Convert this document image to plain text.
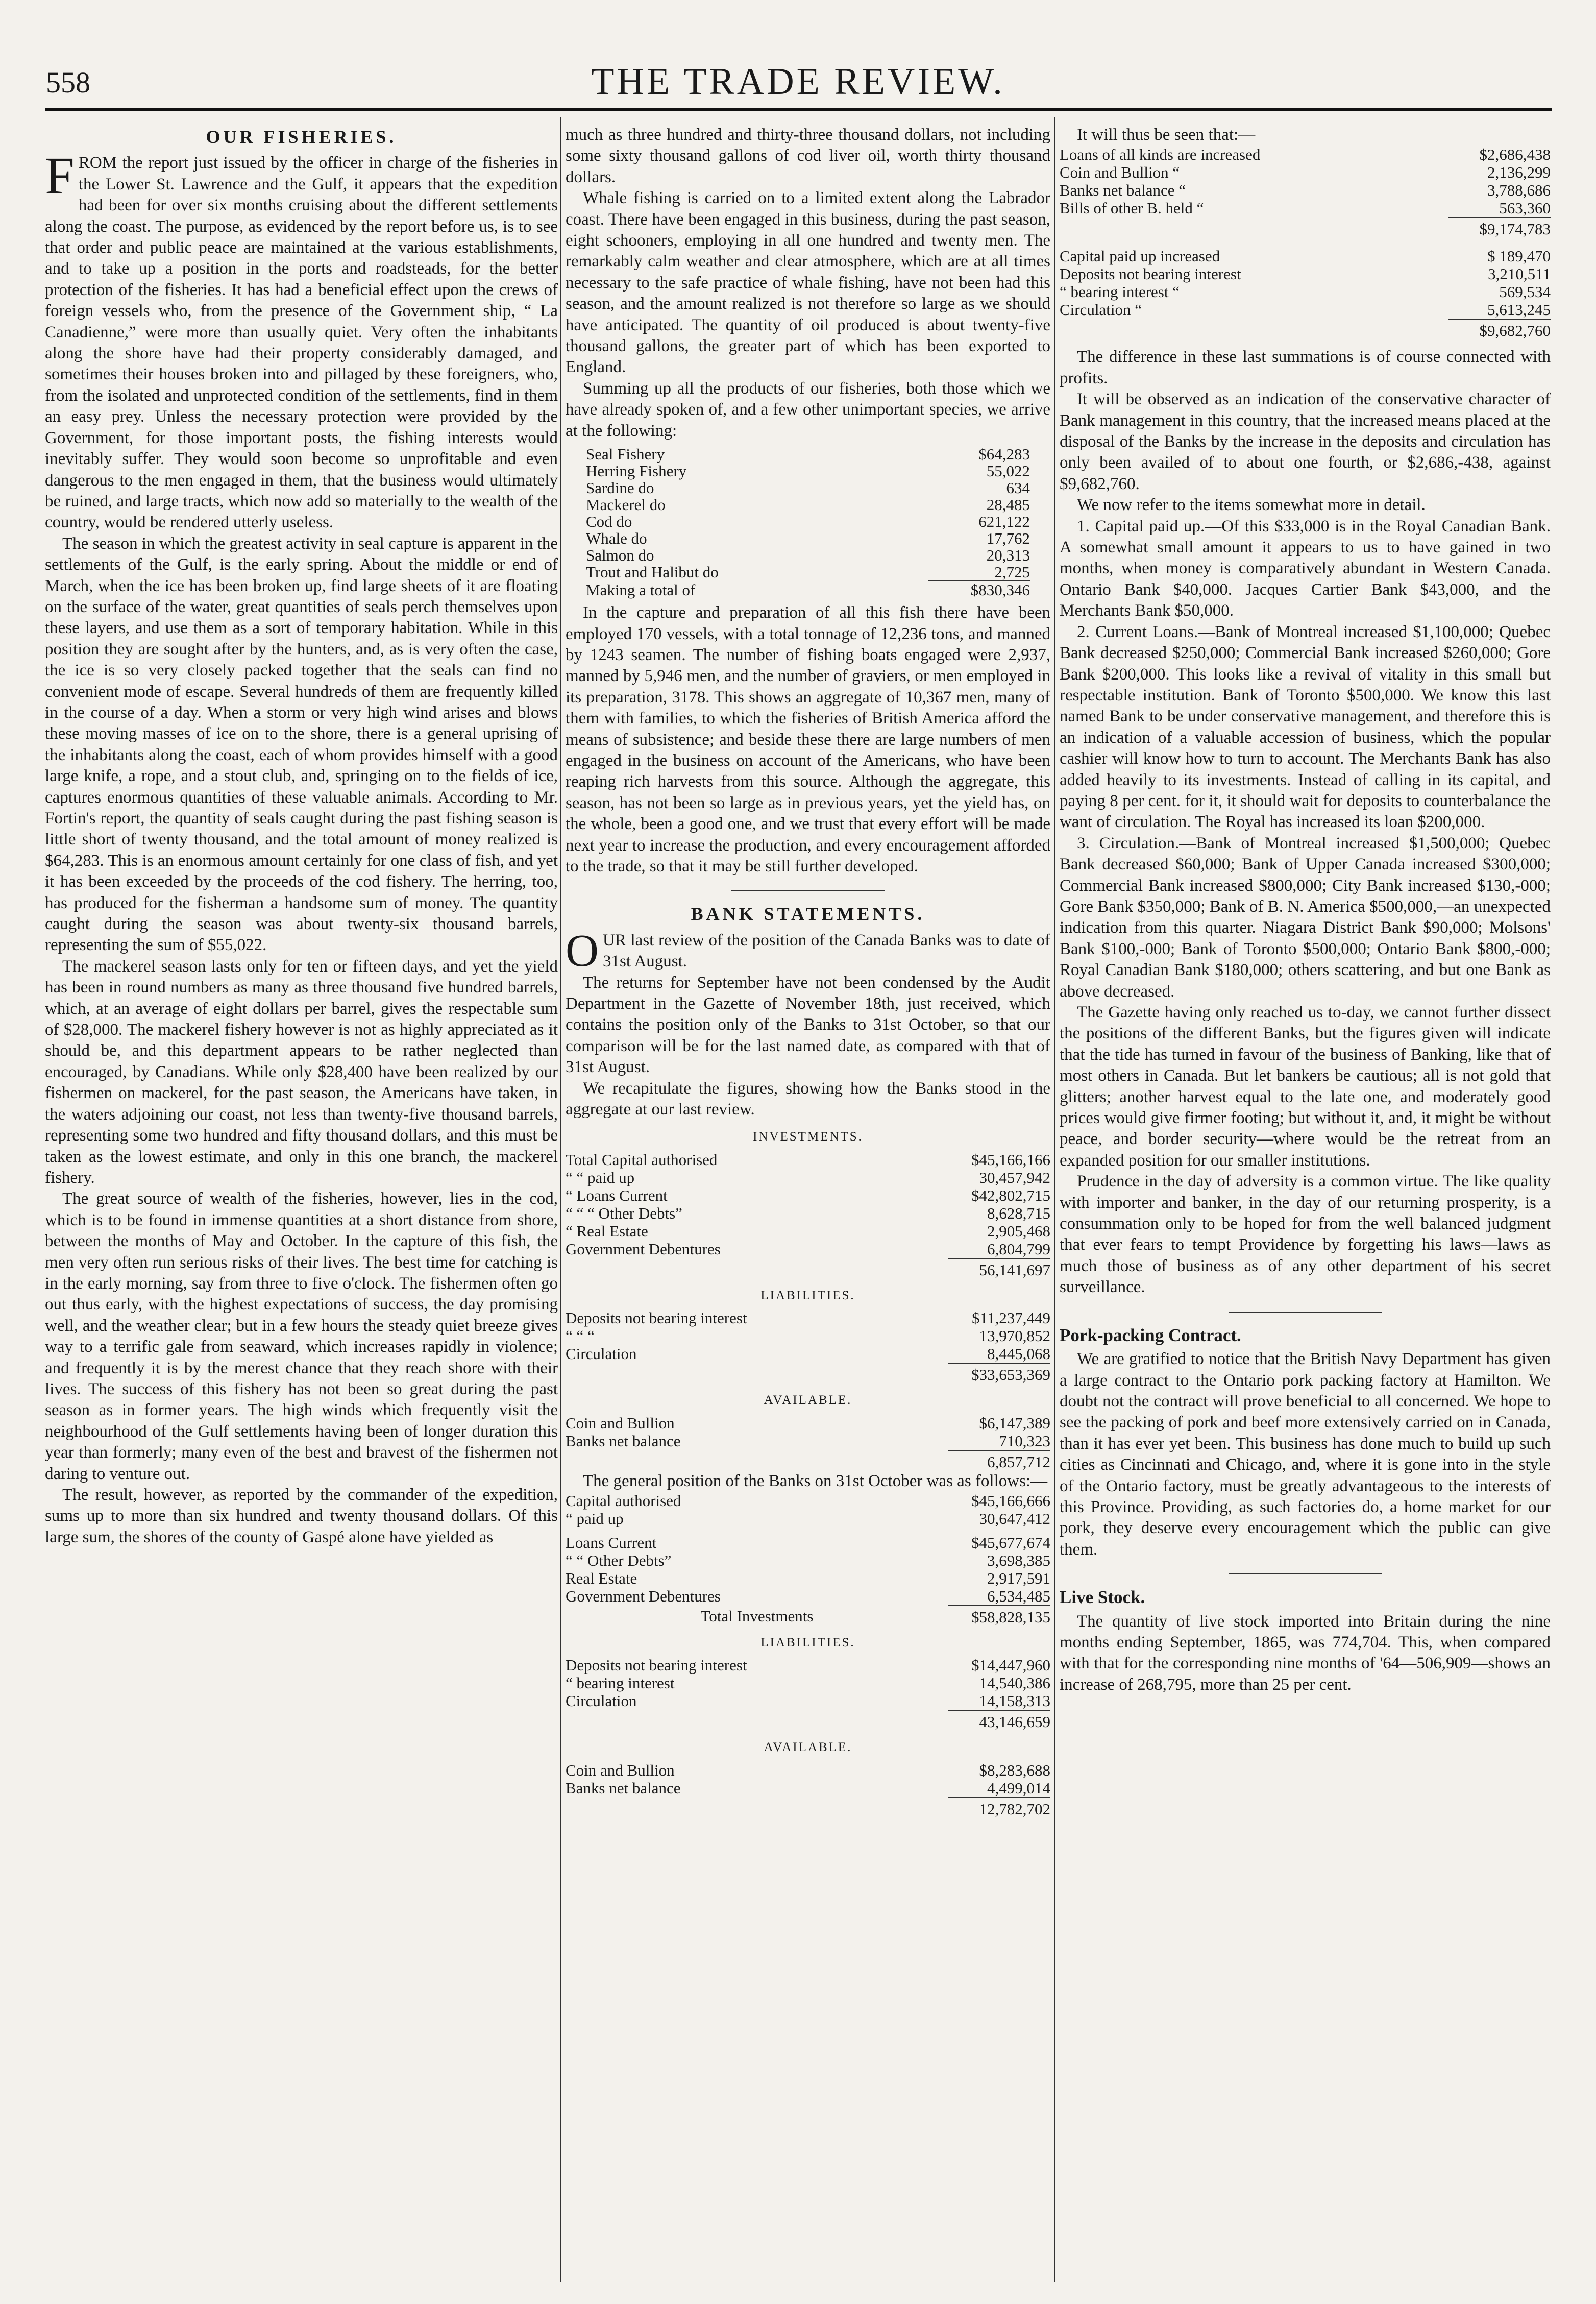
558	THE TRADE REVIEW.
OUR FISHERIES.

FROM the report just issued by the officer in charge of the fisheries in the Lower St. Lawrence and the Gulf, it appears that the expedition had been for over six months cruising about the different settlements along the coast. The purpose, as evidenced by the report before us, is to see that order and public peace are maintained at the various establishments, and to take up a position in the ports and roadsteads, for the better protection of the fisheries. It has had a beneficial effect upon the crews of foreign vessels who, from the presence of the Government ship, “ La Canadienne,” were more than usually quiet. Very often the inhabitants along the shore have had their property considerably damaged, and sometimes their houses broken into and pillaged by these foreigners, who, from the isolated and unprotected condition of the settlements, find in them an easy prey. Unless the necessary protection were provided by the Government, for those important posts, the fishing interests would inevitably suffer. They would soon become so unprofitable and even dangerous to the men engaged in them, that the business would ultimately be ruined, and large tracts, which now add so materially to the wealth of the country, would be rendered utterly useless.

The season in which the greatest activity in seal capture is apparent in the settlements of the Gulf, is the early spring. About the middle or end of March, when the ice has been broken up, find large sheets of it are floating on the surface of the water, great quantities of seals perch themselves upon these layers, and use them as a sort of temporary habitation. While in this position they are sought after by the hunters, and, as is very often the case, the ice is so very closely packed together that the seals can find no convenient mode of escape. Several hundreds of them are frequently killed in the course of a day. When a storm or very high wind arises and blows these moving masses of ice on to the shore, there is a general uprising of the inhabitants along the coast, each of whom provides himself with a good large knife, a rope, and a stout club, and, springing on to the fields of ice, captures enormous quantities of these valuable animals. According to Mr. Fortin's report, the quantity of seals caught during the past fishing season is little short of twenty thousand, and the total amount of money realized is $64,283. This is an enormous amount certainly for one class of fish, and yet it has been exceeded by the proceeds of the cod fishery. The herring, too, has produced for the fisherman a handsome sum of money. The quantity caught during the season was about twenty-six thousand barrels, representing the sum of $55,022.

The mackerel season lasts only for ten or fifteen days, and yet the yield has been in round numbers as many as three thousand five hundred barrels, which, at an average of eight dollars per barrel, gives the respectable sum of $28,000. The mackerel fishery however is not as highly appreciated as it should be, and this department appears to be rather neglected than encouraged, by Canadians. While only $28,400 have been realized by our fishermen on mackerel, for the past season, the Americans have taken, in the waters adjoining our coast, not less than twenty-five thousand barrels, representing some two hundred and fifty thousand dollars, and this must be taken as the lowest estimate, and only in this one branch, the mackerel fishery.

The great source of wealth of the fisheries, however, lies in the cod, which is to be found in immense quantities at a short distance from shore, between the months of May and October. In the capture of this fish, the men very often run serious risks of their lives. The best time for catching is in the early morning, say from three to five o'clock. The fishermen often go out thus early, with the highest expectations of success, the day promising well, and the weather clear; but in a few hours the steady quiet breeze gives way to a terrific gale from seaward, which increases rapidly in violence; and frequently it is by the merest chance that they reach shore with their lives. The success of this fishery has not been so great during the past season as in former years. The high winds which frequently visit the neighbourhood of the Gulf settlements having been of longer duration this year than formerly; many even of the best and bravest of the fishermen not daring to venture out.

The result, however, as reported by the commander of the expedition, sums up to more than six hundred and twenty thousand dollars. Of this large sum, the shores of the county of Gaspé alone have yielded as

much as three hundred and thirty-three thousand dollars, not including some sixty thousand gallons of cod liver oil, worth thirty thousand dollars.

Whale fishing is carried on to a limited extent along the Labrador coast. There have been engaged in this business, during the past season, eight schooners, employing in all one hundred and twenty men. The remarkably calm weather and clear atmosphere, which are at all times necessary to the safe practice of whale fishing, have not been had this season, and the amount realized is not therefore so large as we should have anticipated. The quantity of oil produced is about twenty-five thousand gallons, the greater part of which has been exported to England.

Summing up all the products of our fisheries, both those which we have already spoken of, and a few other unimportant species, we arrive at the following:

Seal Fishery	$64,283
Herring Fishery	55,022
Sardine do	634
Mackerel do	28,485
Cod do	621,122
Whale do	17,762
Salmon do	20,313
Trout and Halibut do	2,725
Making a total of	$830,346

In the capture and preparation of all this fish there have been employed 170 vessels, with a total tonnage of 12,236 tons, and manned by 1243 seamen. The number of fishing boats engaged were 2,937, manned by 5,946 men, and the number of graviers, or men employed in its preparation, 3178. This shows an aggregate of 10,367 men, many of them with families, to which the fisheries of British America afford the means of subsistence; and beside these there are large numbers of men engaged in the business on account of the Americans, who have been reaping rich harvests from this source. Although the aggregate, this season, has not been so large as in previous years, yet the yield has, on the whole, been a good one, and we trust that every effort will be made next year to increase the production, and every encouragement afforded to the trade, so that it may be still further developed.

BANK STATEMENTS.

OUR last review of the position of the Canada Banks was to date of 31st August.

The returns for September have not been condensed by the Audit Department in the Gazette of November 18th, just received, which contains the position only of the Banks to 31st October, so that our comparison will be for the last named date, as compared with that of 31st August.

We recapitulate the figures, showing how the Banks stood in the aggregate at our last review.

INVESTMENTS.
Total Capital authorised	$45,166,166
“ “ paid up	30,457,942
“ Loans Current	$42,802,715
“ “ “ Other Debts”	8,628,715
“ Real Estate	2,905,468
Government Debentures	6,804,799
	56,141,697
LIABILITIES.
Deposits not bearing interest	$11,237,449
“ “ “	13,970,852
Circulation	8,445,068
	$33,653,369
AVAILABLE.
Coin and Bullion	$6,147,389
Banks net balance	710,323
	6,857,712

The general position of the Banks on 31st October was as follows:—

Capital authorised	$45,166,666
“ paid up	30,647,412
Loans Current	$45,677,674
“ “ Other Debts”	3,698,385
Real Estate	2,917,591
Government Debentures	6,534,485
Total Investments	$58,828,135
LIABILITIES.
Deposits not bearing interest	$14,447,960
“ bearing interest	14,540,386
Circulation	14,158,313
	43,146,659
AVAILABLE.
Coin and Bullion	$8,283,688
Banks net balance	4,499,014
	12,782,702

It will thus be seen that:—

Loans of all kinds are increased	$2,686,438
Coin and Bullion “	2,136,299
Banks net balance “	3,788,686
Bills of other B. held “	563,360
	$9,174,783
Capital paid up increased	$ 189,470
Deposits not bearing interest	3,210,511
“ bearing interest “	569,534
Circulation “	5,613,245
	$9,682,760

The difference in these last summations is of course connected with profits.

It will be observed as an indication of the conservative character of Bank management in this country, that the increased means placed at the disposal of the Banks by the increase in the deposits and circulation has only been availed of to about one fourth, or $2,686,-438, against $9,682,760.

We now refer to the items somewhat more in detail.

1. Capital paid up.—Of this $33,000 is in the Royal Canadian Bank. A somewhat small amount it appears to us to have gained in two months, when money is comparatively abundant in Western Canada. Ontario Bank $40,000. Jacques Cartier Bank $43,000, and the Merchants Bank $50,000.

2. Current Loans.—Bank of Montreal increased $1,100,000; Quebec Bank decreased $250,000; Commercial Bank increased $260,000; Gore Bank $200,000. This looks like a revival of vitality in this small but respectable institution. Bank of Toronto $500,000. We know this last named Bank to be under conservative management, and therefore this is an indication of a valuable accession of business, which the popular cashier will know how to turn to account. The Merchants Bank has also added heavily to its investments. Instead of calling in its capital, and paying 8 per cent. for it, it should wait for deposits to counterbalance the want of circulation. The Royal has increased its loan $200,000.

3. Circulation.—Bank of Montreal increased $1,500,000; Quebec Bank decreased $60,000; Bank of Upper Canada increased $300,000; Commercial Bank increased $800,000; City Bank increased $130,-000; Gore Bank $350,000; Bank of B. N. America $500,000,—an unexpected indication from this quarter. Niagara District Bank $90,000; Molsons' Bank $100,-000; Bank of Toronto $500,000; Ontario Bank $800,-000; Royal Canadian Bank $180,000; others scattering, and but one Bank as above decreased.

The Gazette having only reached us to-day, we cannot further dissect the positions of the different Banks, but the figures given will indicate that the tide has turned in favour of the business of Banking, like that of most others in Canada. But let bankers be cautious; all is not gold that glitters; another harvest equal to the late one, and moderately good prices would give firmer footing; but without it, and, it might be without peace, and border security—where would be the retreat from an expanded position for our smaller institutions.

Prudence in the day of adversity is a common virtue. The like quality with importer and banker, in the day of our returning prosperity, is a consummation only to be hoped for from the well balanced judgment that ever fears to tempt Providence by forgetting his laws—laws as much those of business as of any other department of his secret surveillance.

Pork-packing Contract.

We are gratified to notice that the British Navy Department has given a large contract to the Ontario pork packing factory at Hamilton. We doubt not the contract will prove beneficial to all concerned. We hope to see the packing of pork and beef more extensively carried on in Canada, than it has ever yet been. This business has done much to build up such cities as Cincinnati and Chicago, and, where it is gone into in the style of the Ontario factory, must be greatly advantageous to the interests of this Province. Providing, as such factories do, a home market for our pork, they deserve every encouragement which the public can give them.

Live Stock.

The quantity of live stock imported into Britain during the nine months ending September, 1865, was 774,704. This, when compared with that for the corresponding nine months of '64—506,909—shows an increase of 268,795, more than 25 per cent.
